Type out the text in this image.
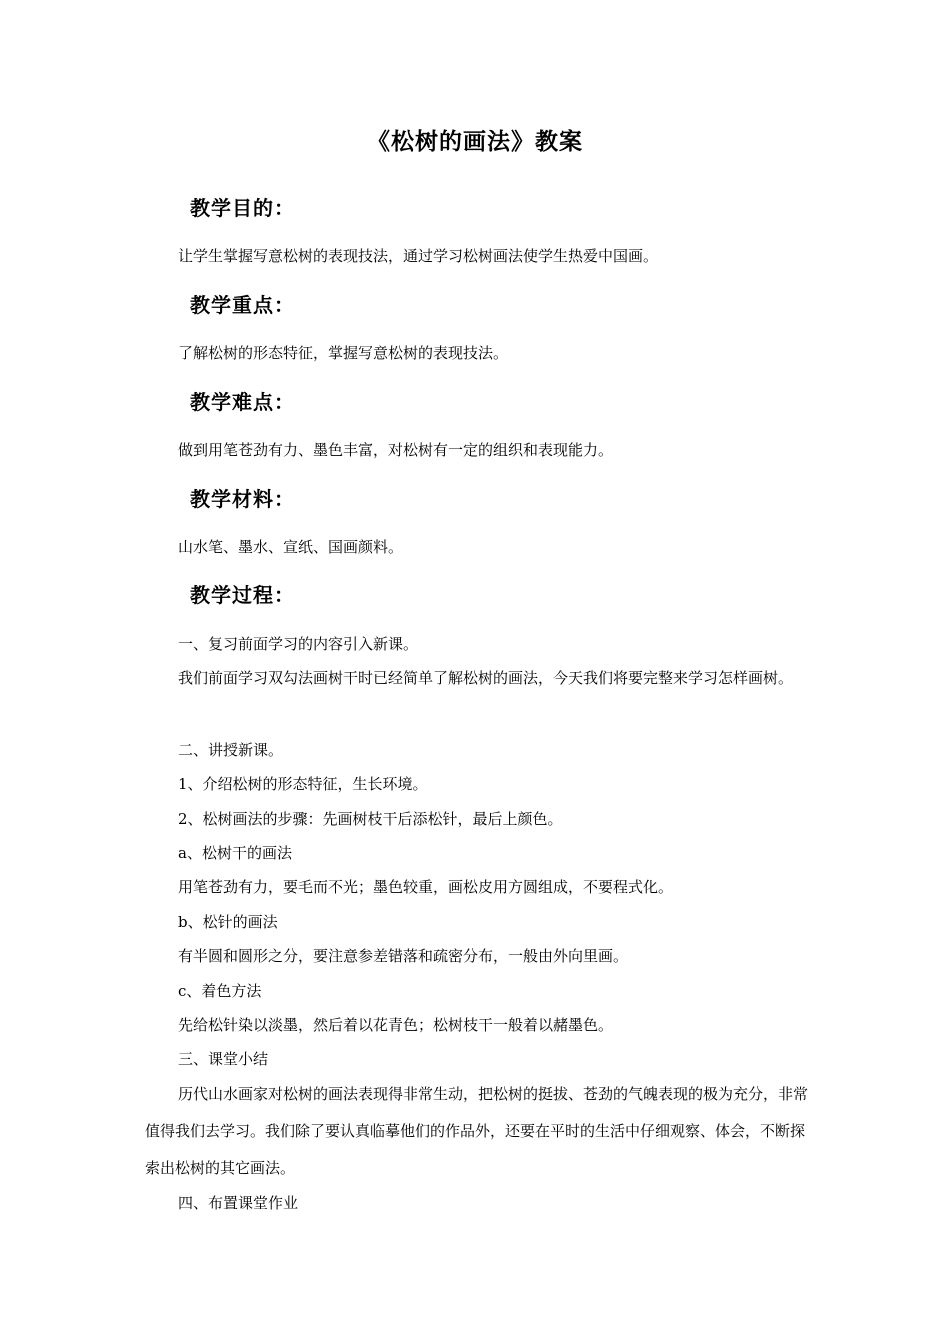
《松树的画法》教案
教学目的：
让学生掌握写意松树的表现技法，通过学习松树画法使学生热爱中国画。
教学重点：
了解松树的形态特征，掌握写意松树的表现技法。
教学难点：
做到用笔苍劲有力、墨色丰富，对松树有一定的组织和表现能力。
教学材料：
山水笔、墨水、宣纸、国画颜料。
教学过程：
一、复习前面学习的内容引入新课。
我们前面学习双勾法画树干时已经简单了解松树的画法，今天我们将要完整来学习怎样画树。
二、讲授新课。
1、介绍松树的形态特征，生长环境。
2、松树画法的步骤：先画树枝干后添松针，最后上颜色。
a、松树干的画法
用笔苍劲有力，要毛而不光；墨色较重，画松皮用方圆组成，不要程式化。
b、松针的画法
有半圆和圆形之分，要注意参差错落和疏密分布，一般由外向里画。
c、着色方法
先给松针染以淡墨，然后着以花青色；松树枝干一般着以赭墨色。
三、课堂小结
历代山水画家对松树的画法表现得非常生动，把松树的挺拔、苍劲的气魄表现的极为充分，非常值得我们去学习。我们除了要认真临摹他们的作品外，还要在平时的生活中仔细观察、体会，不断探索出松树的其它画法。
四、布置课堂作业
